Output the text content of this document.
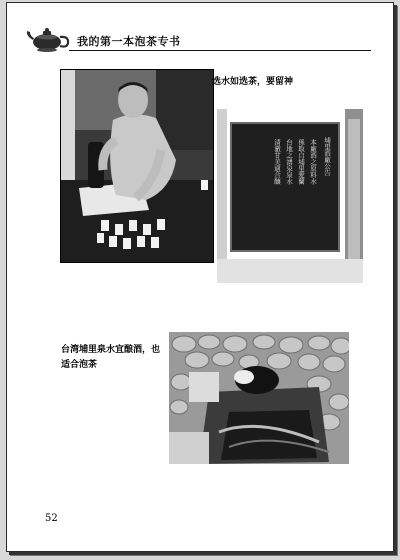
我的第一本泡茶专书
选水如选茶，要留神
埔里酒廠公告
本廠酒之原料水
係取自埔里愛蘭
台地之湧泉泉水
清澈甘美適合釀
台湾埔里泉水宜酿酒，也
适合泡茶
52
